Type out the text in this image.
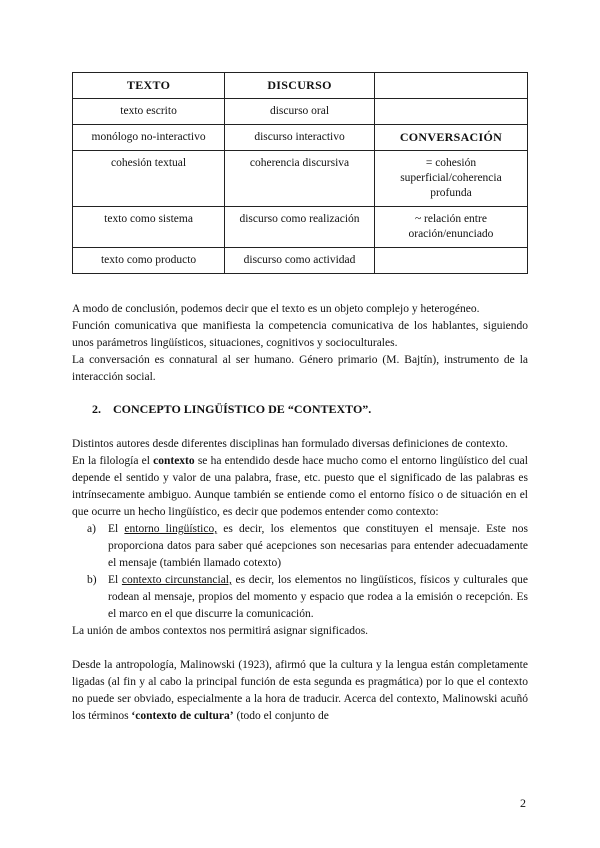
TEXTO	DISCURSO	
texto escrito	discurso oral	
monólogo no-interactivo	discurso interactivo	CONVERSACIÓN
cohesión textual	coherencia discursiva	= cohesión superficial/coherencia profunda
texto como sistema	discurso como realización	~ relación entre oración/enunciado
texto como producto	discurso como actividad	

A modo de conclusión, podemos decir que el texto es un objeto complejo y heterogéneo.

Función comunicativa que manifiesta la competencia comunicativa de los hablantes, siguiendo unos parámetros lingüísticos, situaciones, cognitivos y socioculturales.

La conversación es connatural al ser humano. Género primario (M. Bajtín), instrumento de la interacción social.

2. CONCEPTO LINGÜÍSTICO DE “CONTEXTO”.

Distintos autores desde diferentes disciplinas han formulado diversas definiciones de contexto.

En la filología el contexto se ha entendido desde hace mucho como el entorno lingüístico del cual depende el sentido y valor de una palabra, frase, etc. puesto que el significado de las palabras es intrínsecamente ambiguo. Aunque también se entiende como el entorno físico o de situación en el que ocurre un hecho lingüístico, es decir que podemos entender como contexto:

a) El entorno lingüístico, es decir, los elementos que constituyen el mensaje. Este nos proporciona datos para saber qué acepciones son necesarias para entender adecuadamente el mensaje (también llamado cotexto)
b) El contexto circunstancial, es decir, los elementos no lingüísticos, físicos y culturales que rodean al mensaje, propios del momento y espacio que rodea a la emisión o recepción. Es el marco en el que discurre la comunicación.

La unión de ambos contextos nos permitirá asignar significados.

Desde la antropología, Malinowski (1923), afirmó que la cultura y la lengua están completamente ligadas (al fin y al cabo la principal función de esta segunda es pragmática) por lo que el contexto no puede ser obviado, especialmente a la hora de traducir. Acerca del contexto, Malinowski acuñó los términos ‘contexto de cultura’ (todo el conjunto de

2
